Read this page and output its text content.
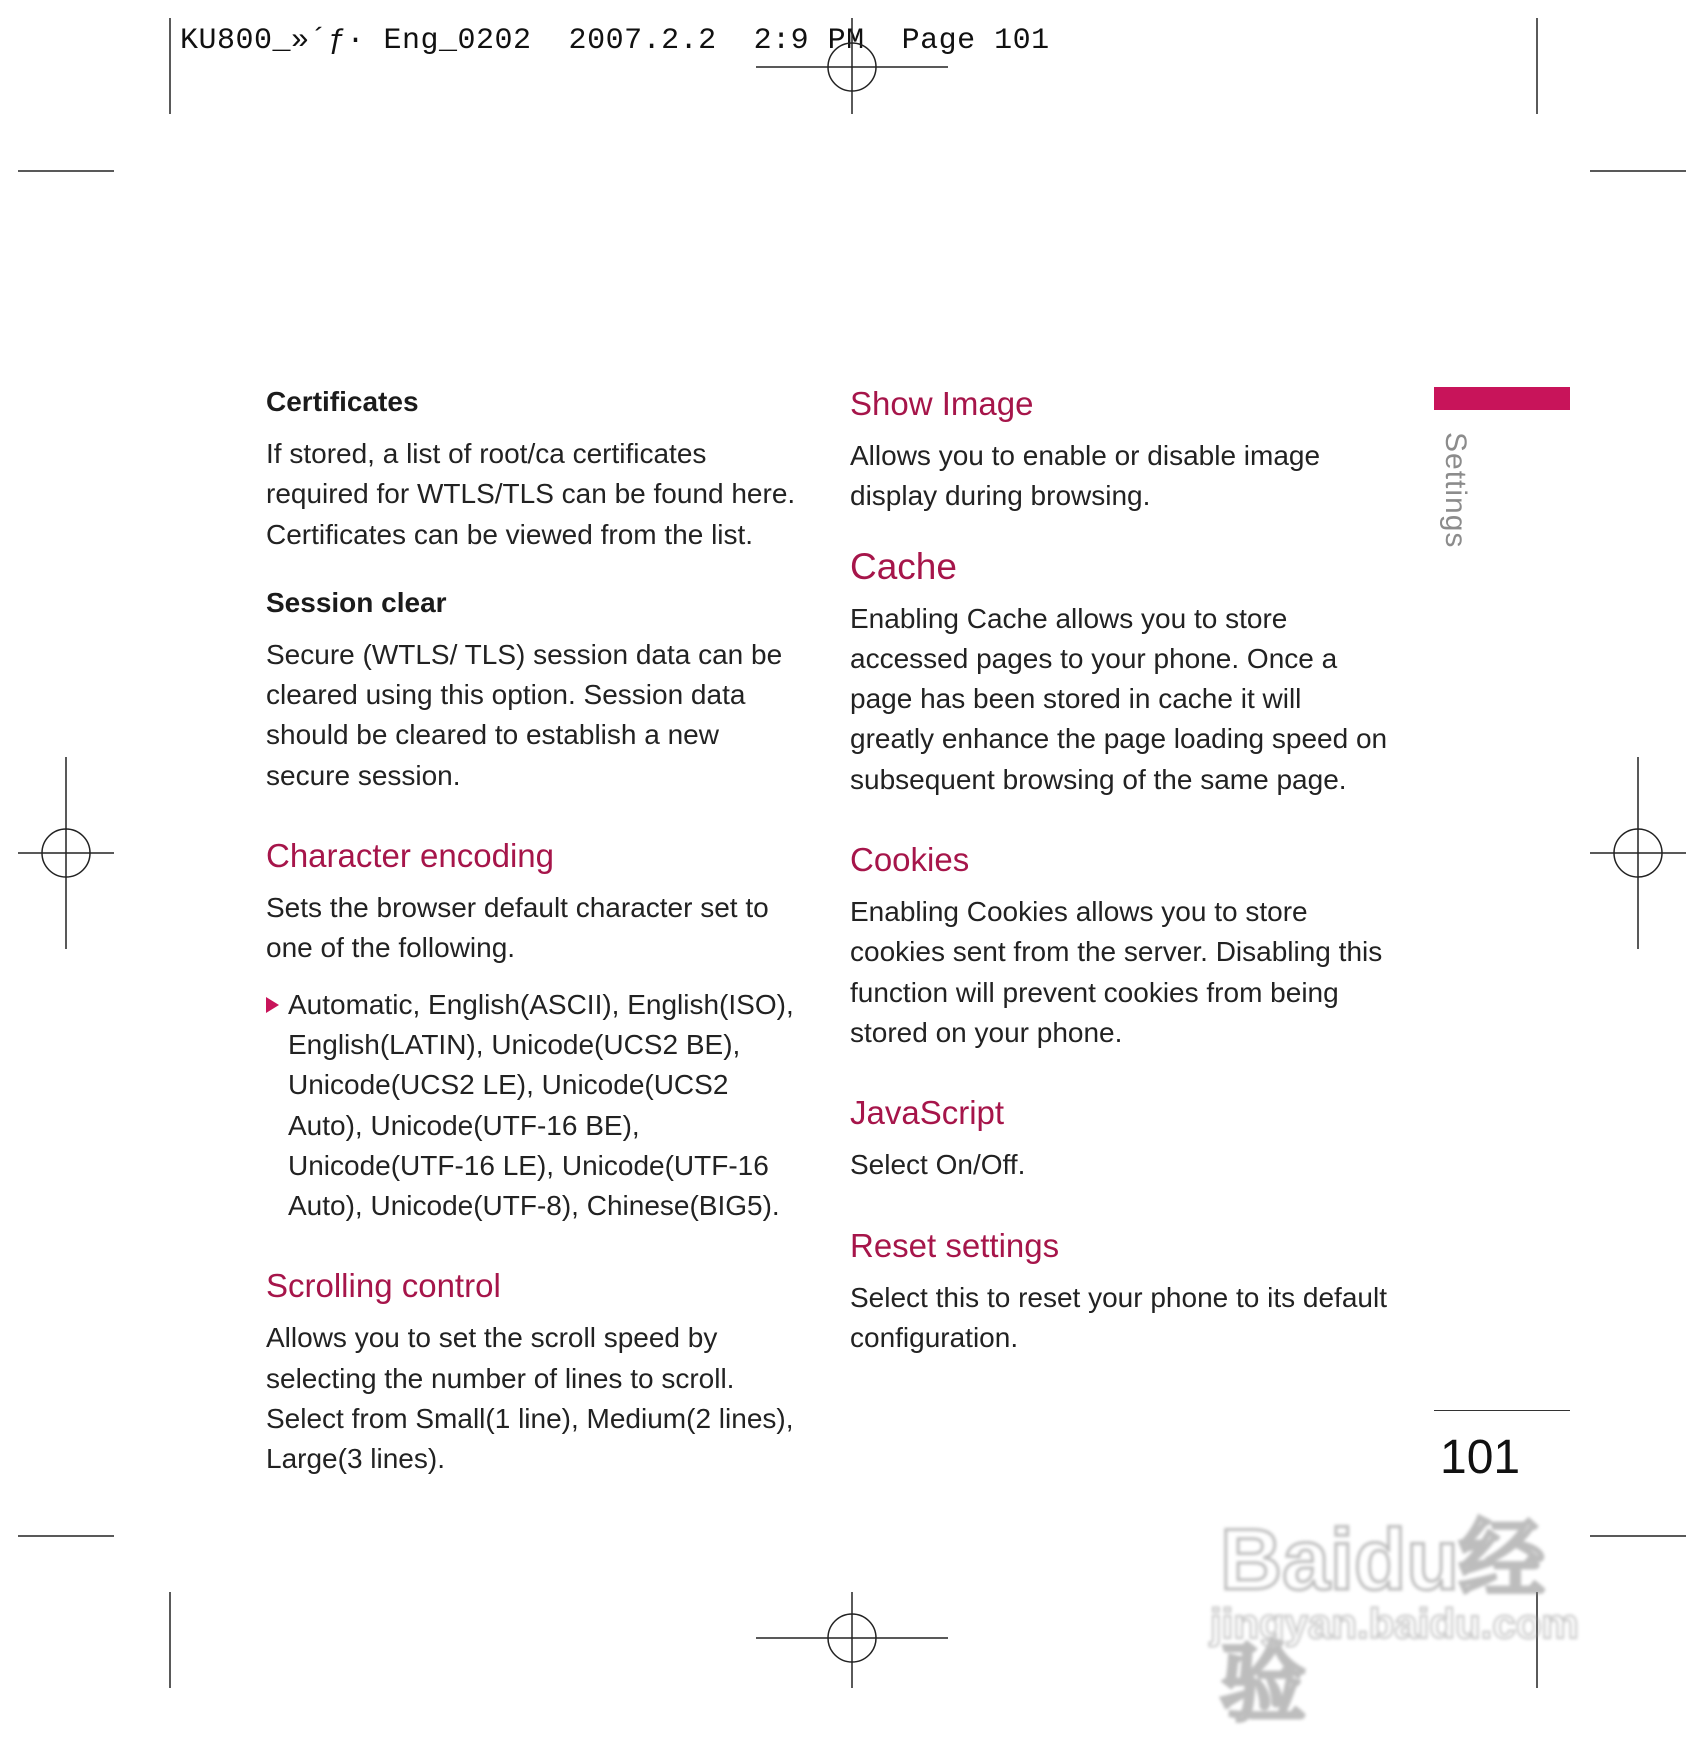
KU800_»´ƒ· Eng_0202  2007.2.2  2:9 PM  Page 101
Certificates

If stored, a list of root/ca certificates required for WTLS/TLS can be found here. Certificates can be viewed from the list.

Session clear

Secure (WTLS/ TLS) session data can be cleared using this option. Session data should be cleared to establish a new secure session.

Character encoding

Sets the browser default character set to one of the following.

Automatic, English(ASCII), English(ISO), English(LATIN), Unicode(UCS2 BE), Unicode(UCS2 LE), Unicode(UCS2 Auto), Unicode(UTF-16 BE), Unicode(UTF-16 LE), Unicode(UTF-16 Auto), Unicode(UTF-8), Chinese(BIG5).
Scrolling control

Allows you to set the scroll speed by selecting the number of lines to scroll. Select from Small(1 line), Medium(2 lines), Large(3 lines).

Show Image

Allows you to enable or disable image display during browsing.

Cache

Enabling Cache allows you to store accessed pages to your phone. Once a page has been stored in cache it will greatly enhance the page loading speed on subsequent browsing of the same page.

Cookies

Enabling Cookies allows you to store cookies sent from the server. Disabling this function will prevent cookies from being stored on your phone.

JavaScript

Select On/Off.

Reset settings

Select this to reset your phone to its default configuration.

Settings
101
Baidu经验
jingyan.baidu.com
